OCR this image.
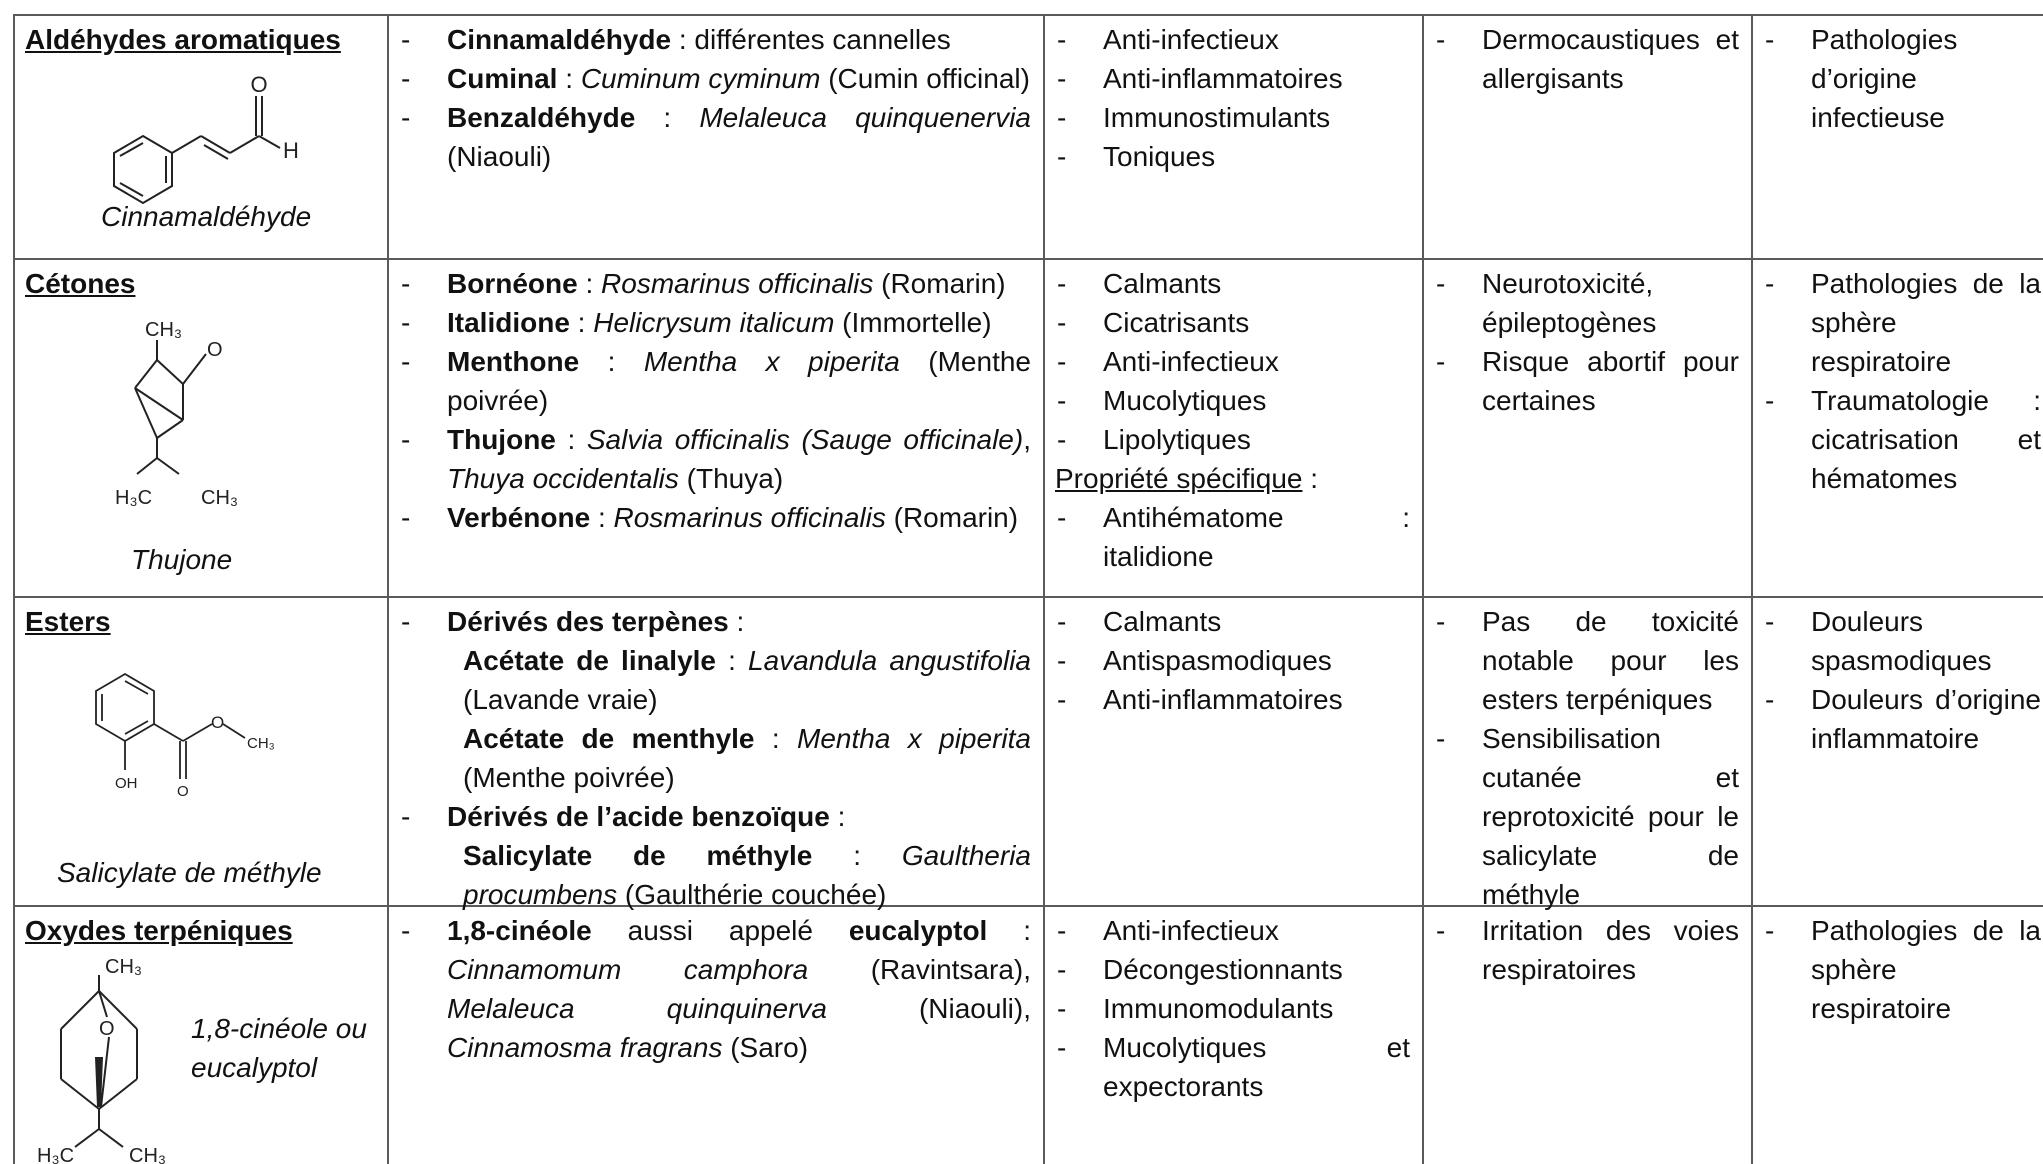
Aldéhydes aromatiques
O
H
Cinnamaldéhyde
- Cinnamaldéhyde : différentes cannelles
- Cuminal : Cuminum cyminum (Cumin officinal)
- Benzaldéhyde : Melaleuca quinquenervia (Niaouli)
- Anti-infectieux
- Anti-inflammatoires
- Immunostimulants
- Toniques
- Dermocaustiques et allergisants
- Pathologies d’origine infectieuse
Cétones
CH₃
O
H₃C CH₃
Thujone
- Bornéone : Rosmarinus officinalis (Romarin)
- Italidione : Helicrysum italicum (Immortelle)
- Menthone : Mentha x piperita (Menthe poivrée)
- Thujone : Salvia officinalis (Sauge officinale), Thuya occidentalis (Thuya)
- Verbénone : Rosmarinus officinalis (Romarin)
- Calmants
- Cicatrisants
- Anti-infectieux
- Mucolytiques
- Lipolytiques
Propriété spécifique :
- Antihématome : italidione
- Neurotoxicité, épileptogènes
- Risque abortif pour certaines
- Pathologies de la sphère respiratoire
- Traumatologie : cicatrisation et hématomes
Esters
O
CH₃
OH	O
Salicylate de méthyle
- Dérivés des terpènes :
Acétate de linalyle : Lavandula angustifolia (Lavande vraie)
Acétate de menthyle : Mentha x piperita (Menthe poivrée)
- Dérivés de l’acide benzoïque :
Salicylate de méthyle : Gaultheria procumbens (Gaulthérie couchée)
- Calmants
- Antispasmodiques
- Anti-inflammatoires
- Pas de toxicité notable pour les esters terpéniques
- Sensibilisation cutanée et reprotoxicité pour le salicylate de méthyle
- Douleurs spasmodiques
- Douleurs d’origine inflammatoire
Oxydes terpéniques
CH₃
O
H₃C	CH₃
1,8-cinéole ou eucalyptol
- 1,8-cinéole aussi appelé eucalyptol : Cinnamomum camphora (Ravintsara), Melaleuca quinquinerva (Niaouli), Cinnamosma fragrans (Saro)
- Anti-infectieux
- Décongestionnants
- Immunomodulants
- Mucolytiques et expectorants
- Irritation des voies respiratoires
- Pathologies de la sphère respiratoire
